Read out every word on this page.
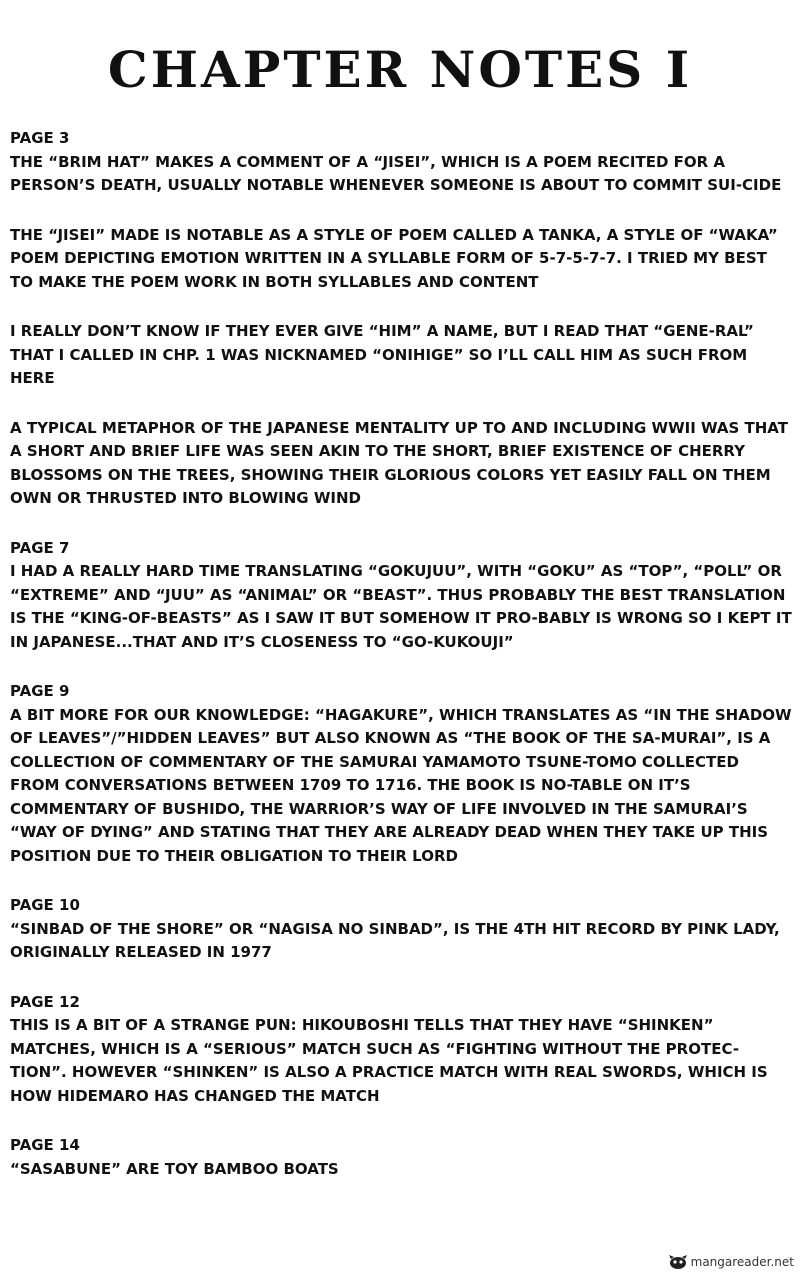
CHAPTER NOTES I

PAGE 3

THE “BRIM HAT” MAKES A COMMENT OF A “JISEI”, WHICH IS A POEM RECITED FOR A PERSON’S DEATH, USUALLY NOTABLE WHENEVER SOMEONE IS ABOUT TO COMMIT SUI-CIDE

THE “JISEI” MADE IS NOTABLE AS A STYLE OF POEM CALLED A TANKA, A STYLE OF “WAKA” POEM DEPICTING EMOTION WRITTEN IN A SYLLABLE FORM OF 5-7-5-7-7. I TRIED MY BEST TO MAKE THE POEM WORK IN BOTH SYLLABLES AND CONTENT

I REALLY DON’T KNOW IF THEY EVER GIVE “HIM” A NAME, BUT I READ THAT “GENE-RAL” THAT I CALLED IN CHP. 1 WAS NICKNAMED “ONIHIGE” SO I’LL CALL HIM AS SUCH FROM HERE

A TYPICAL METAPHOR OF THE JAPANESE MENTALITY UP TO AND INCLUDING WWII WAS THAT A SHORT AND BRIEF LIFE WAS SEEN AKIN TO THE SHORT, BRIEF EXISTENCE OF CHERRY BLOSSOMS ON THE TREES, SHOWING THEIR GLORIOUS COLORS YET EASILY FALL ON THEM OWN OR THRUSTED INTO BLOWING WIND

PAGE 7

I HAD A REALLY HARD TIME TRANSLATING “GOKUJUU”, WITH “GOKU” AS “TOP”, “POLL” OR “EXTREME” AND “JUU” AS “ANIMAL” OR “BEAST”. THUS PROBABLY THE BEST TRANSLATION IS THE “KING-OF-BEASTS” AS I SAW IT BUT SOMEHOW IT PRO-BABLY IS WRONG SO I KEPT IT IN JAPANESE...THAT AND IT’S CLOSENESS TO “GO-KUKOUJI”

PAGE 9

A BIT MORE FOR OUR KNOWLEDGE: “HAGAKURE”, WHICH TRANSLATES AS “IN THE SHADOW OF LEAVES”/”HIDDEN LEAVES” BUT ALSO KNOWN AS “THE BOOK OF THE SA-MURAI”, IS A COLLECTION OF COMMENTARY OF THE SAMURAI YAMAMOTO TSUNE-TOMO COLLECTED FROM CONVERSATIONS BETWEEN 1709 TO 1716. THE BOOK IS NO-TABLE ON IT’S COMMENTARY OF BUSHIDO, THE WARRIOR’S WAY OF LIFE INVOLVED IN THE SAMURAI’S “WAY OF DYING” AND STATING THAT THEY ARE ALREADY DEAD WHEN THEY TAKE UP THIS POSITION DUE TO THEIR OBLIGATION TO THEIR LORD

PAGE 10

“SINBAD OF THE SHORE” OR “NAGISA NO SINBAD”, IS THE 4TH HIT RECORD BY PINK LADY, ORIGINALLY RELEASED IN 1977

PAGE 12

THIS IS A BIT OF A STRANGE PUN: HIKOUBOSHI TELLS THAT THEY HAVE “SHINKEN” MATCHES, WHICH IS A “SERIOUS” MATCH SUCH AS “FIGHTING WITHOUT THE PROTEC-TION”. HOWEVER “SHINKEN” IS ALSO A PRACTICE MATCH WITH REAL SWORDS, WHICH IS HOW HIDEMARO HAS CHANGED THE MATCH

PAGE 14

“SASABUNE” ARE TOY BAMBOO BOATS

mangareader.net
